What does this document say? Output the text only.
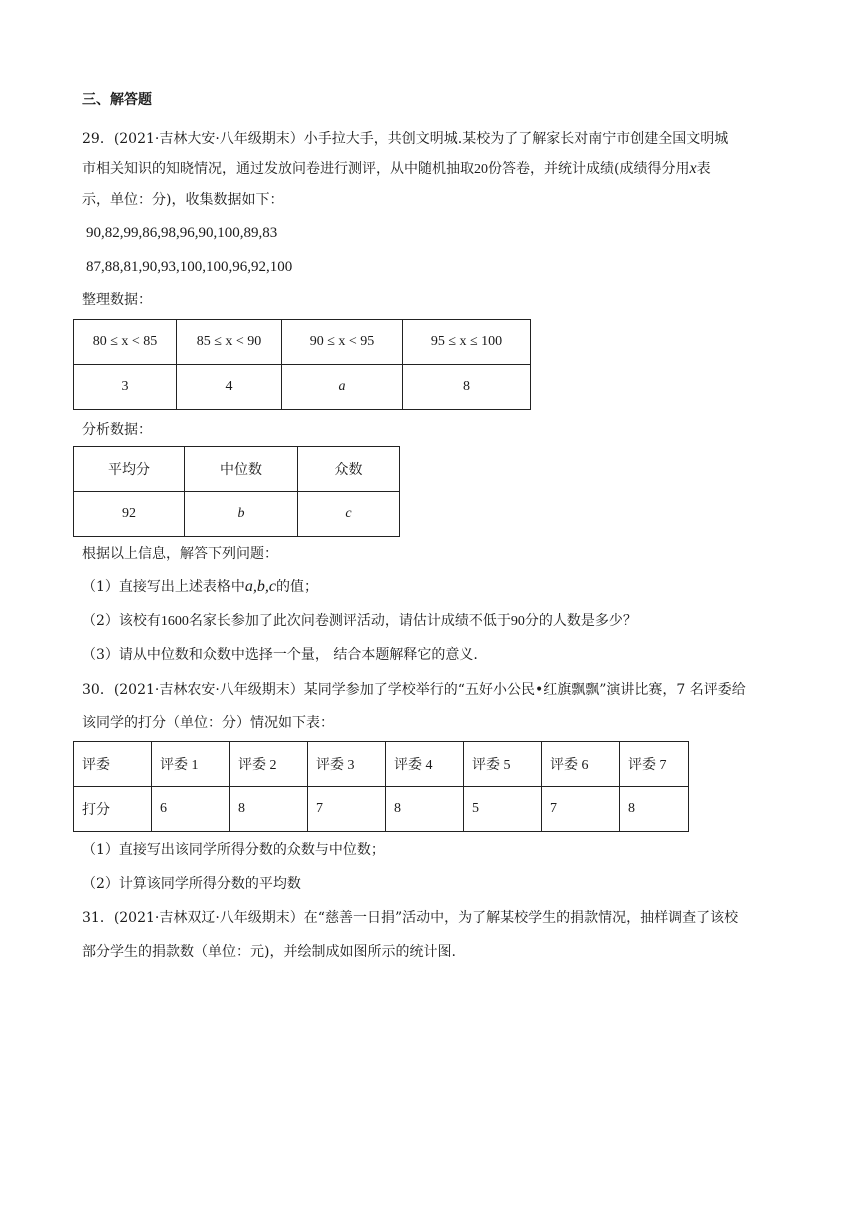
三、解答题
29．(2021·吉林大安·八年级期末）小手拉大手，共创文明城.某校为了了解家长对南宁市创建全国文明城
市相关知识的知晓情况，通过发放问卷进行测评，从中随机抽取20份答卷，并统计成绩(成绩得分用x表
示，单位：分)，收集数据如下：
90,82,99,86,98,96,90,100,89,83
87,88,81,90,93,100,100,96,92,100
整理数据：
80 ≤ x < 85	85 ≤ x < 90	90 ≤ x < 95	95 ≤ x ≤ 100
3	4	a	8
分析数据：
平均分	中位数	众数
92	b	c
根据以上信息，解答下列问题：
（1）直接写出上述表格中a,b,c的值；
（2）该校有1600名家长参加了此次问卷测评活动，请估计成绩不低于90分的人数是多少？
（3）请从中位数和众数中选择一个量， 结合本题解释它的意义.
30．(2021·吉林农安·八年级期末）某同学参加了学校举行的“五好小公民•红旗飘飘”演讲比赛，7 名评委给
该同学的打分（单位：分）情况如下表：
评委	评委 1	评委 2	评委 3	评委 4	评委 5	评委 6	评委 7
打分	6	8	7	8	5	7	8
（1）直接写出该同学所得分数的众数与中位数；
（2）计算该同学所得分数的平均数
31．(2021·吉林双辽·八年级期末）在“慈善一日捐”活动中，为了解某校学生的捐款情况，抽样调查了该校
部分学生的捐款数（单位：元)，并绘制成如图所示的统计图.
